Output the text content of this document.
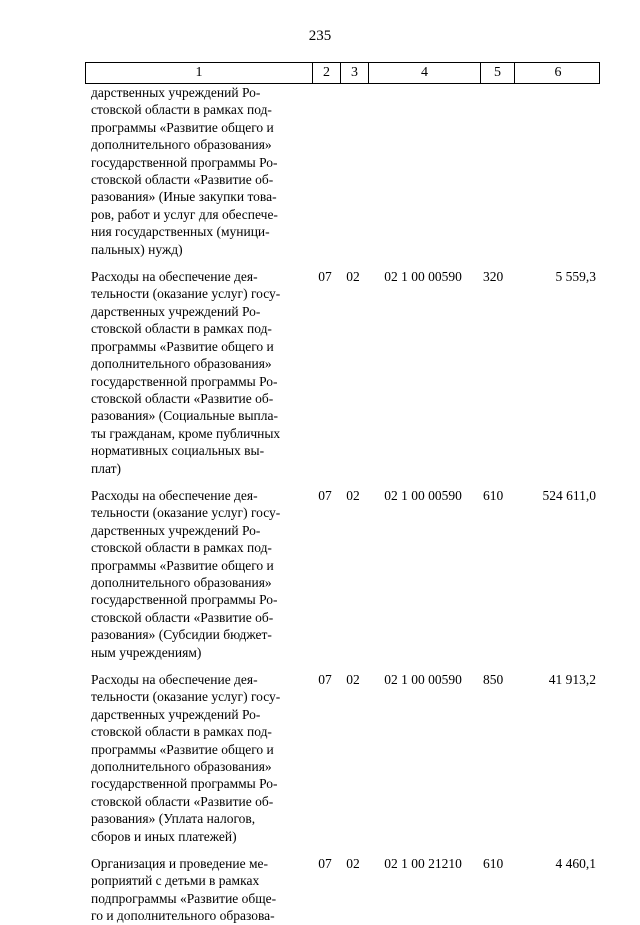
235
1	2	3	4	5	6
дарственных учреждений Ро-
стовской области в рамках под-
программы «Развитие общего и
дополнительного образования»
государственной программы Ро-
стовской области «Развитие об-
разования» (Иные закупки това-
ров, работ и услуг для обеспече-
ния государственных (муници-
пальных) нужд)
Расходы на обеспечение дея-
тельности (оказание услуг) госу-
дарственных учреждений Ро-
стовской области в рамках под-
программы «Развитие общего и
дополнительного образования»
государственной программы Ро-
стовской области «Развитие об-
разования» (Социальные выпла-
ты гражданам, кроме публичных
нормативных социальных вы-
плат)
07	02	02 1 00 00590	320	5 559,3
Расходы на обеспечение дея-
тельности (оказание услуг) госу-
дарственных учреждений Ро-
стовской области в рамках под-
программы «Развитие общего и
дополнительного образования»
государственной программы Ро-
стовской области «Развитие об-
разования» (Субсидии бюджет-
ным учреждениям)
07	02	02 1 00 00590	610	524 611,0
Расходы на обеспечение дея-
тельности (оказание услуг) госу-
дарственных учреждений Ро-
стовской области в рамках под-
программы «Развитие общего и
дополнительного образования»
государственной программы Ро-
стовской области «Развитие об-
разования» (Уплата налогов,
сборов и иных платежей)
07	02	02 1 00 00590	850	41 913,2
Организация и проведение ме-
роприятий с детьми в рамках
подпрограммы «Развитие обще-
го и дополнительного образова-
07	02	02 1 00 21210	610	4 460,1
